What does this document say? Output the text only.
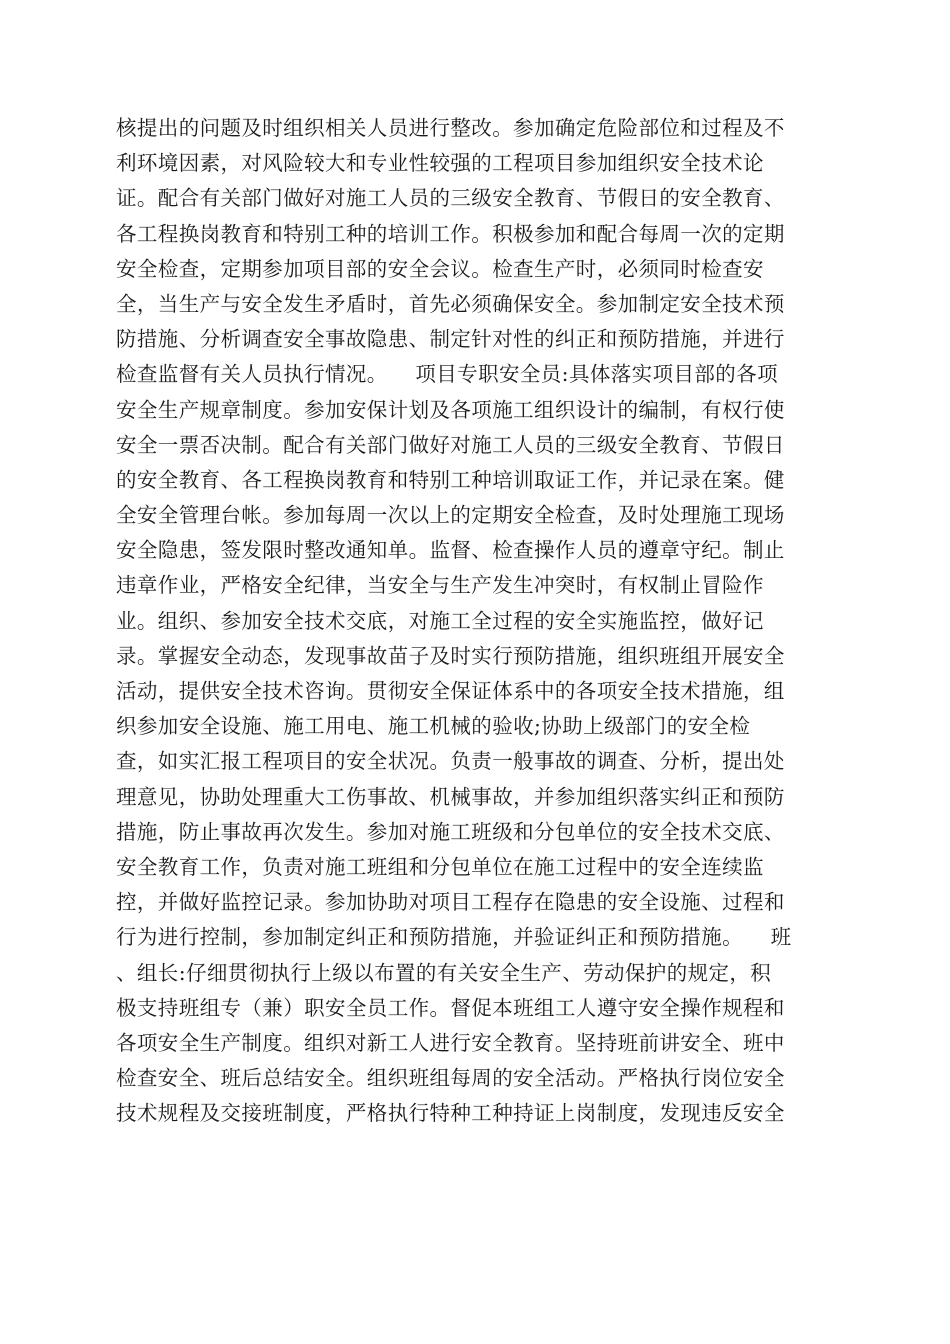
核提出的问题及时组织相关人员进行整改。参加确定危险部位和过程及不
利环境因素，对风险较大和专业性较强的工程项目参加组织安全技术论
证。配合有关部门做好对施工人员的三级安全教育、节假日的安全教育、
各工程换岗教育和特别工种的培训工作。积极参加和配合每周一次的定期
安全检查，定期参加项目部的安全会议。检查生产时，必须同时检查安
全，当生产与安全发生矛盾时，首先必须确保安全。参加制定安全技术预
防措施、分析调查安全事故隐患、制定针对性的纠正和预防措施，并进行
检查监督有关人员执行情况。    项目专职安全员:具体落实项目部的各项
安全生产规章制度。参加安保计划及各项施工组织设计的编制，有权行使
安全一票否决制。配合有关部门做好对施工人员的三级安全教育、节假日
的安全教育、各工程换岗教育和特别工种培训取证工作，并记录在案。健
全安全管理台帐。参加每周一次以上的定期安全检查，及时处理施工现场
安全隐患，签发限时整改通知单。监督、检查操作人员的遵章守纪。制止
违章作业，严格安全纪律，当安全与生产发生冲突时，有权制止冒险作
业。组织、参加安全技术交底，对施工全过程的安全实施监控，做好记
录。掌握安全动态，发现事故苗子及时实行预防措施，组织班组开展安全
活动，提供安全技术咨询。贯彻安全保证体系中的各项安全技术措施，组
织参加安全设施、施工用电、施工机械的验收;协助上级部门的安全检
查，如实汇报工程项目的安全状况。负责一般事故的调查、分析，提出处
理意见，协助处理重大工伤事故、机械事故，并参加组织落实纠正和预防
措施，防止事故再次发生。参加对施工班级和分包单位的安全技术交底、
安全教育工作，负责对施工班组和分包单位在施工过程中的安全连续监
控，并做好监控记录。参加协助对项目工程存在隐患的安全设施、过程和
行为进行控制，参加制定纠正和预防措施，并验证纠正和预防措施。    班
、组长:仔细贯彻执行上级以布置的有关安全生产、劳动保护的规定，积
极支持班组专（兼）职安全员工作。督促本班组工人遵守安全操作规程和
各项安全生产制度。组织对新工人进行安全教育。坚持班前讲安全、班中
检查安全、班后总结安全。组织班组每周的安全活动。严格执行岗位安全
技术规程及交接班制度，严格执行特种工种持证上岗制度，发现违反安全
